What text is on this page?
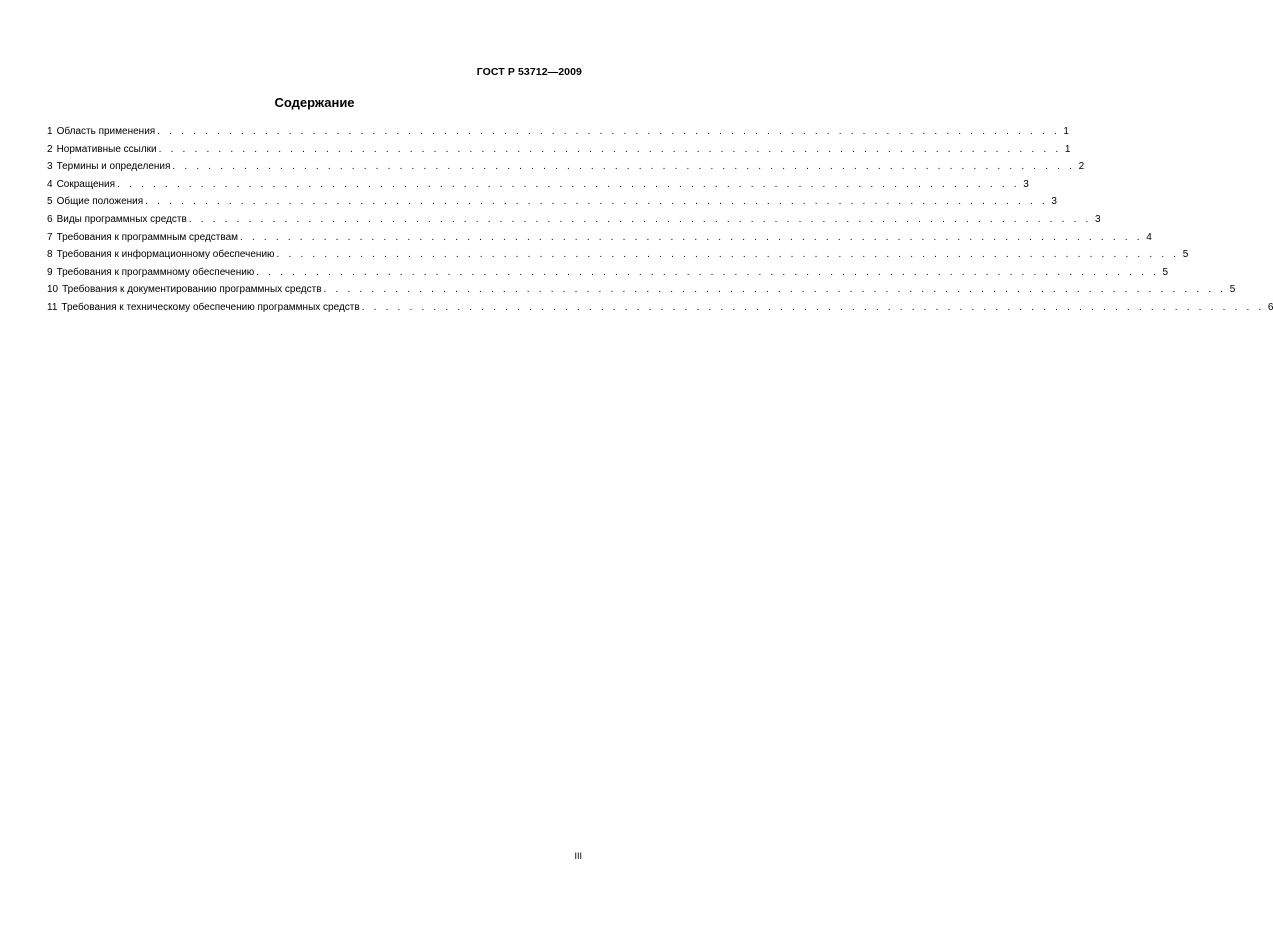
ГОСТ Р 53712—2009
Содержание
1 Область применения . . . . . . . . . . . . . . . . . . . . . . . . . . . . . . . . . . . . . . . . . . . . . . . . . . . . . . . . . . . . . . . . . . . . . . . . . . . . 1
2 Нормативные ссылки . . . . . . . . . . . . . . . . . . . . . . . . . . . . . . . . . . . . . . . . . . . . . . . . . . . . . . . . . . . . . . . . . . . . . . . . . . . . 1
3 Термины и определения . . . . . . . . . . . . . . . . . . . . . . . . . . . . . . . . . . . . . . . . . . . . . . . . . . . . . . . . . . . . . . . . . . . . . . . . . . . . 2
4 Сокращения . . . . . . . . . . . . . . . . . . . . . . . . . . . . . . . . . . . . . . . . . . . . . . . . . . . . . . . . . . . . . . . . . . . . . . . . . . . . 3
5 Общие положения . . . . . . . . . . . . . . . . . . . . . . . . . . . . . . . . . . . . . . . . . . . . . . . . . . . . . . . . . . . . . . . . . . . . . . . . . . . . 3
6 Виды программных средств . . . . . . . . . . . . . . . . . . . . . . . . . . . . . . . . . . . . . . . . . . . . . . . . . . . . . . . . . . . . . . . . . . . . . . . . . . . . 3
7 Требования к программным средствам . . . . . . . . . . . . . . . . . . . . . . . . . . . . . . . . . . . . . . . . . . . . . . . . . . . . . . . . . . . . . . . . . . . . . . . . . . . . 4
8 Требования к информационному обеспечению . . . . . . . . . . . . . . . . . . . . . . . . . . . . . . . . . . . . . . . . . . . . . . . . . . . . . . . . . . . . . . . . . . . . . . . . . . . . 5
9 Требования к программному обеспечению . . . . . . . . . . . . . . . . . . . . . . . . . . . . . . . . . . . . . . . . . . . . . . . . . . . . . . . . . . . . . . . . . . . . . . . . . . . . 5
10 Требования к документированию программных средств . . . . . . . . . . . . . . . . . . . . . . . . . . . . . . . . . . . . . . . . . . . . . . . . . . . . . . . . . . . . . . . . . . . . . . . . . . . . 5
11 Требования к техническому обеспечению программных средств . . . . . . . . . . . . . . . . . . . . . . . . . . . . . . . . . . . . . . . . . . . . . . . . . . . . . . . . . . . . . . . . . . . . . . . . . . . . 6
III
